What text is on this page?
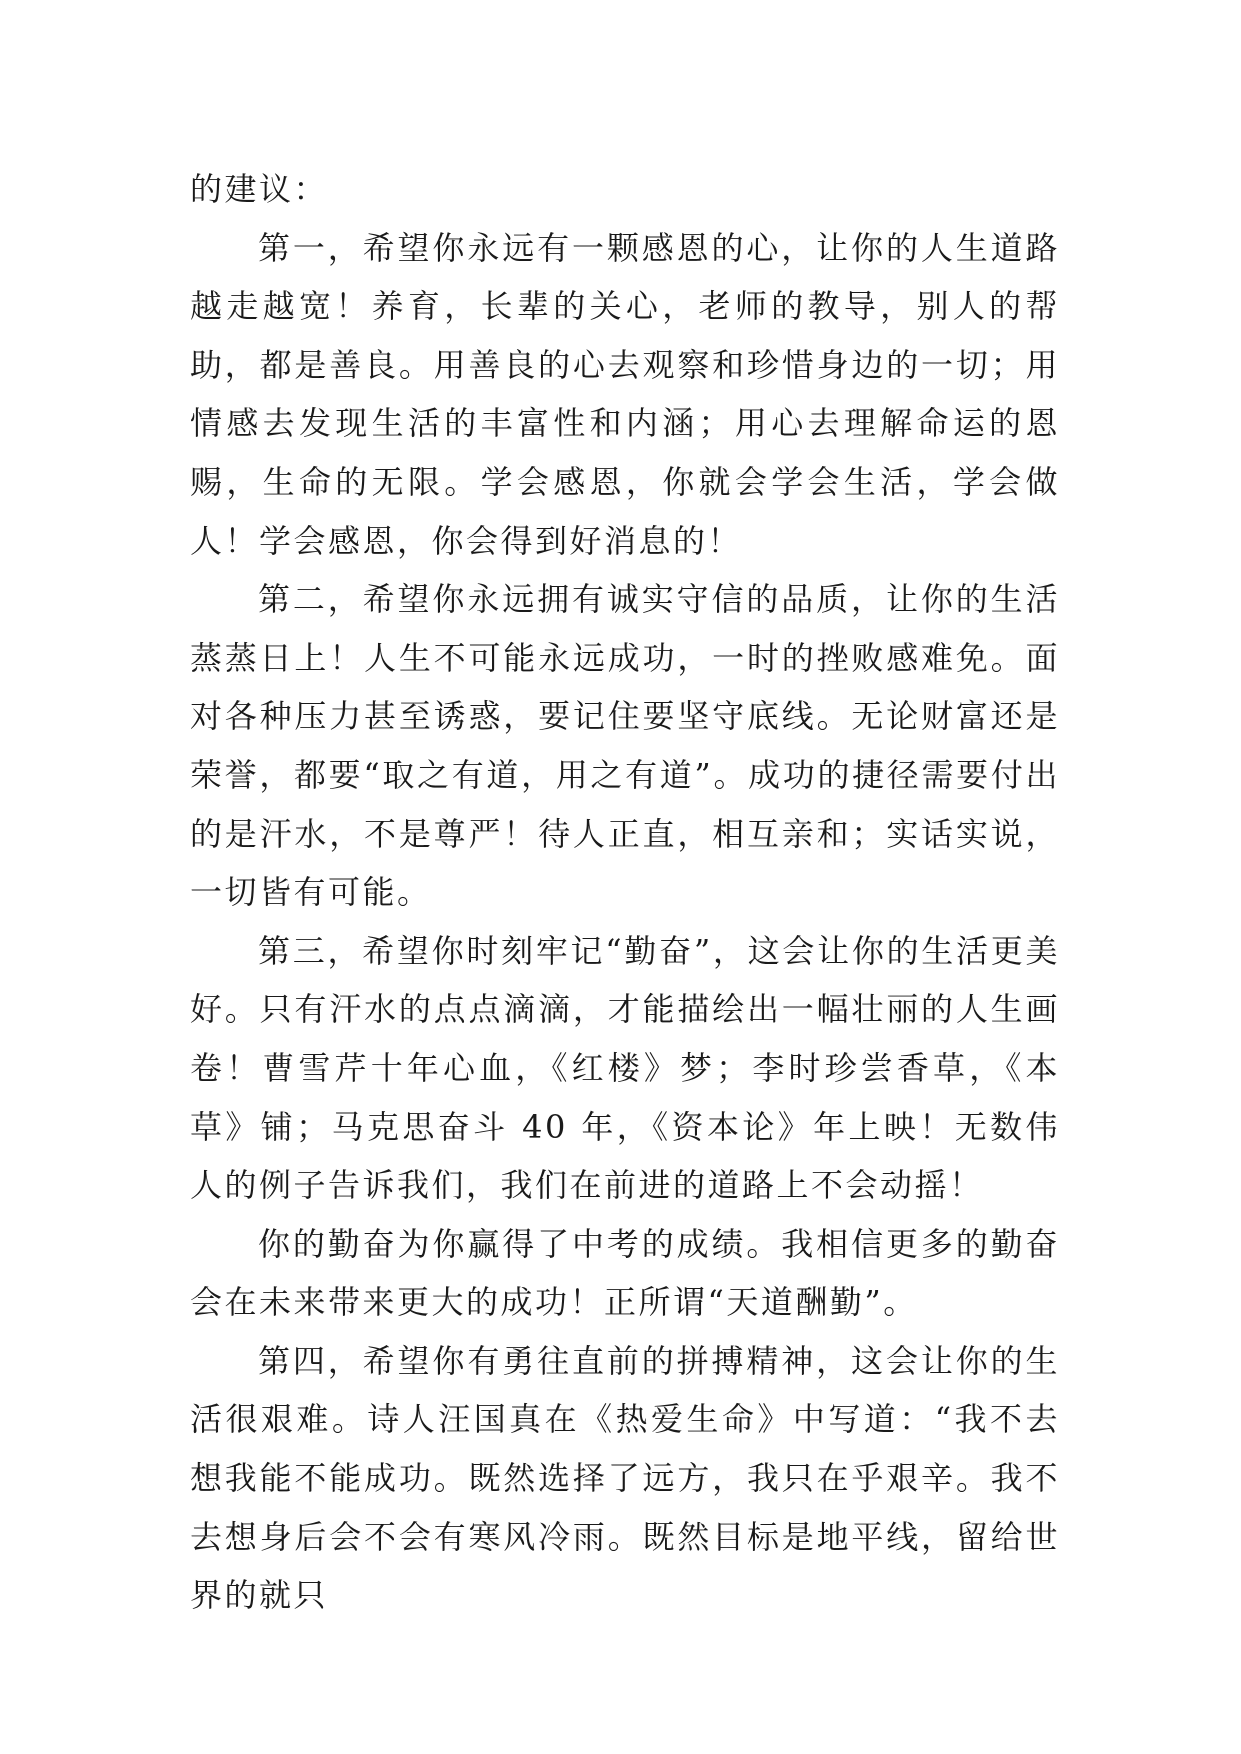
的建议：

第一，希望你永远有一颗感恩的心，让你的人生道路越走越宽！养育，长辈的关心，老师的教导，别人的帮助，都是善良。用善良的心去观察和珍惜身边的一切；用情感去发现生活的丰富性和内涵；用心去理解命运的恩赐，生命的无限。学会感恩，你就会学会生活，学会做人！学会感恩，你会得到好消息的！

第二，希望你永远拥有诚实守信的品质，让你的生活蒸蒸日上！人生不可能永远成功，一时的挫败感难免。面对各种压力甚至诱惑，要记住要坚守底线。无论财富还是荣誉，都要“取之有道，用之有道”。成功的捷径需要付出的是汗水，不是尊严！待人正直，相互亲和；实话实说，一切皆有可能。

第三，希望你时刻牢记“勤奋”，这会让你的生活更美好。只有汗水的点点滴滴，才能描绘出一幅壮丽的人生画卷！曹雪芹十年心血，《红楼》梦；李时珍尝香草，《本草》铺；马克思奋斗 40 年，《资本论》年上映！无数伟人的例子告诉我们，我们在前进的道路上不会动摇！

你的勤奋为你赢得了中考的成绩。我相信更多的勤奋会在未来带来更大的成功！正所谓“天道酬勤”。

第四，希望你有勇往直前的拼搏精神，这会让你的生活很艰难。诗人汪国真在《热爱生命》中写道：“我不去想我能不能成功。既然选择了远方，我只在乎艰辛。我不去想身后会不会有寒风冷雨。既然目标是地平线，留给世界的就只
